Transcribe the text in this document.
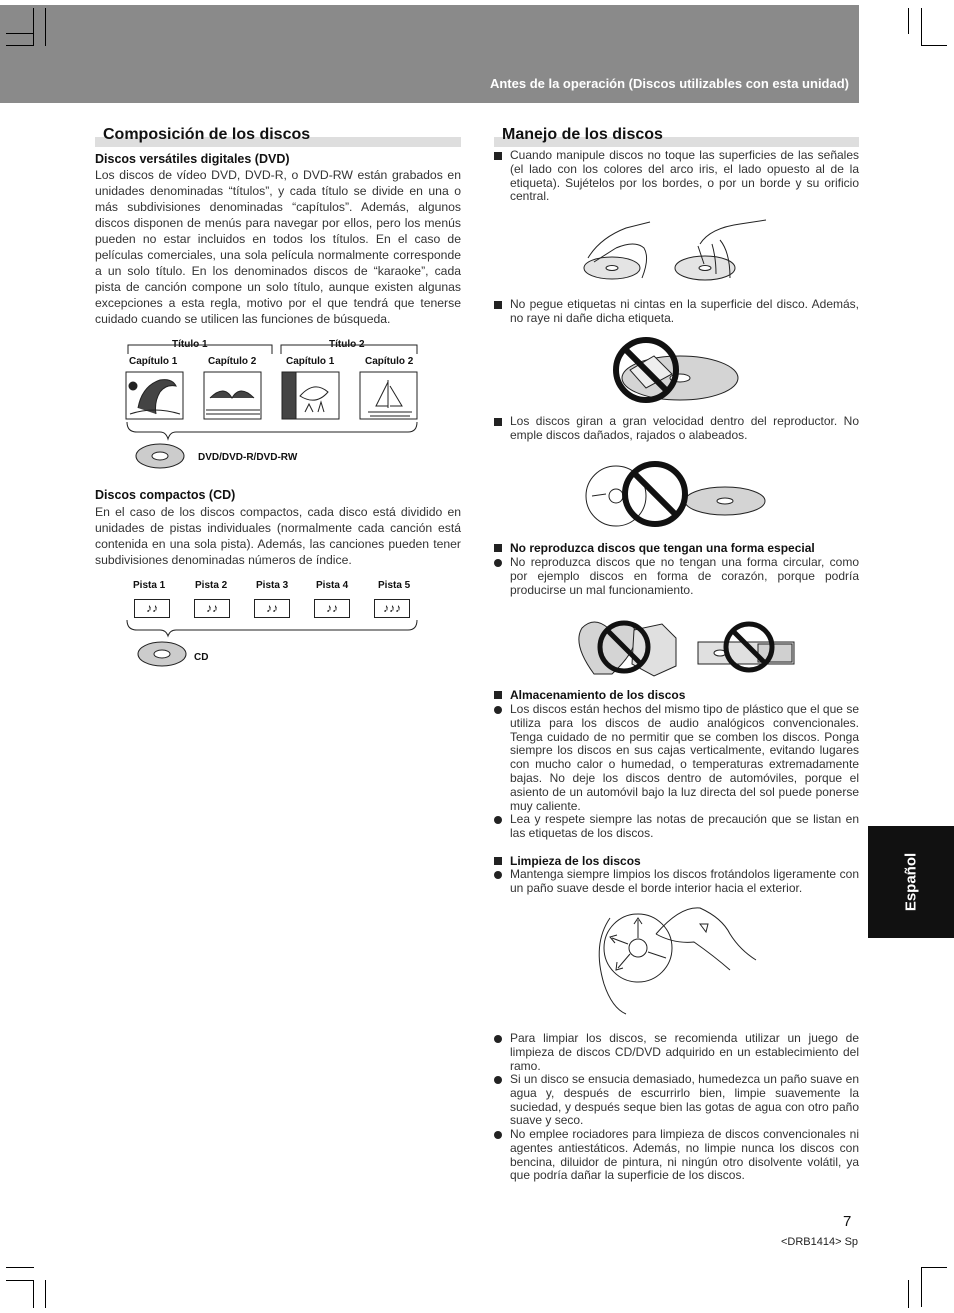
Antes de la operación (Discos utilizables con esta unidad)
Composición de los discos
Discos versátiles digitales (DVD)
Los discos de vídeo DVD, DVD-R, o DVD-RW están grabados en unidades denominadas “títulos”, y cada título se divide en una o más subdivisiones denominadas “capítulos”. Además, algunos discos disponen de menús para navegar por ellos, pero los menús pueden no estar incluidos en todos los títulos. En el caso de películas comerciales, una sola película normalmente corresponde a un solo título. En los denominados discos de “karaoke”, cada pista de canción compone un solo título, aunque existen algunas excepciones a esta regla, motivo por el que tendrá que tenerse cuidado cuando se utilicen las funciones de búsqueda.
Título 1	Título 2
Capítulo 1	Capítulo 2	Capítulo 1	Capítulo 2
DVD/DVD-R/DVD-RW
Discos compactos (CD)
En el caso de los discos compactos, cada disco está dividido en unidades de pistas individuales (normalmente cada canción está contenida en una sola pista). Además, las canciones pueden tener subdivisiones denominadas números de índice.
Pista 1	Pista 2	Pista 3	Pista 4	Pista 5
♪♪	♪♪	♪♪	♪♪	♪♪♪
CD
Manejo de los discos
Cuando manipule discos no toque las superficies de las señales (el lado con los colores del arco iris, el lado opuesto al de la etiqueta). Sujételos por los bordes, o por un borde y su orificio central.
No pegue etiquetas ni cintas en la superficie del disco. Además, no raye ni dañe dicha etiqueta.
Los discos giran a gran velocidad dentro del reproductor. No emple discos dañados, rajados o alabeados.
No reproduzca discos que tengan una forma especial
No reproduzca discos que no tengan una forma circular, como por ejemplo discos en forma de corazón, porque podría producirse un mal funcionamiento.
Almacenamiento de los discos
Los discos están hechos del mismo tipo de plástico que el que se utiliza para los discos de audio analógicos convencionales. Tenga cuidado de no permitir que se comben los discos. Ponga siempre los discos en sus cajas verticalmente, evitando lugares con mucho calor o humedad, o temperaturas extremadamente bajas. No deje los discos dentro de automóviles, porque el asiento de un automóvil bajo la luz directa del sol puede ponerse muy caliente.
Lea y respete siempre las notas de precaución que se listan en las etiquetas de los discos.
Limpieza de los discos
Mantenga siempre limpios los discos frotándolos ligeramente con un paño suave desde el borde interior hacia el exterior.
Para limpiar los discos, se recomienda utilizar un juego de limpieza de discos CD/DVD adquirido en un establecimiento del ramo.
Si un disco se ensucia demasiado, humedezca un paño suave en agua y, después de escurrirlo bien, limpie suavemente la suciedad, y después seque bien las gotas de agua con otro paño suave y seco.
No emplee rociadores para limpieza de discos convencionales ni agentes antiestáticos. Además, no limpie nunca los discos con bencina, diluidor de pintura, ni ningún otro disolvente volátil, ya que podría dañar la superficie de los discos.
Español
7
<DRB1414> Sp
